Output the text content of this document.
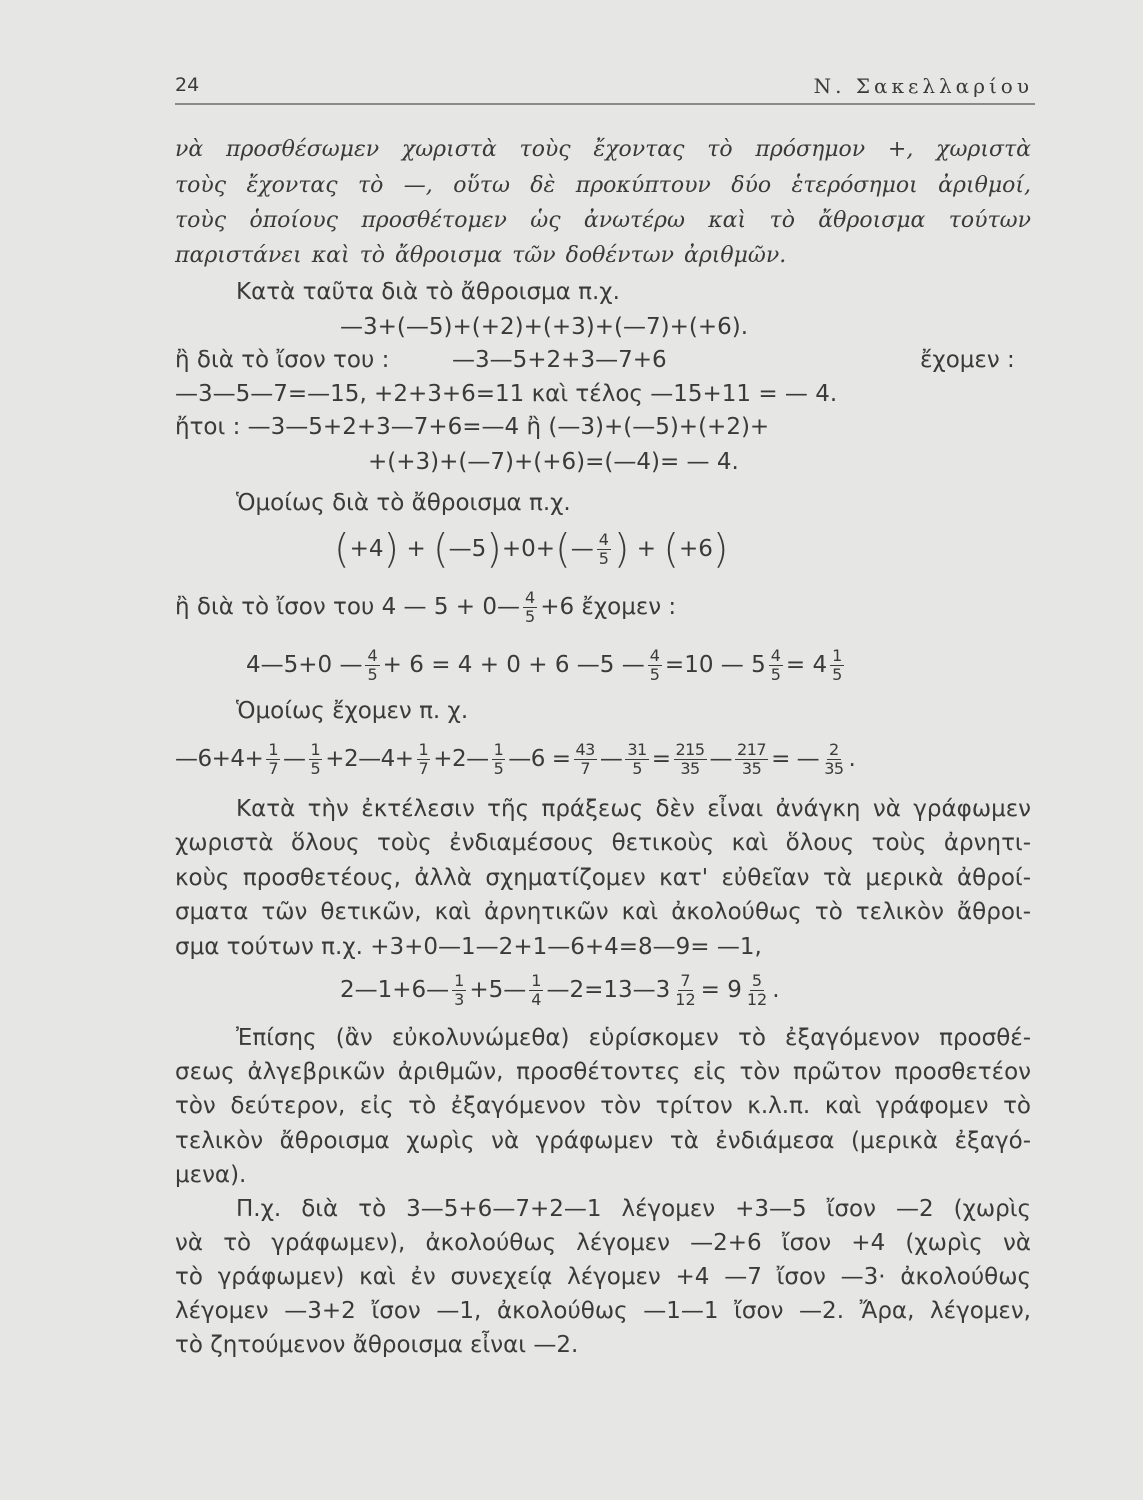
24	Ν. Σακελλαρίου
νὰ προσθέσωμεν χωριστὰ τοὺς ἔχοντας τὸ πρόσημον +, χωριστὰ
τοὺς ἔχοντας τὸ —, οὕτω δὲ προκύπτουν δύο ἑτερόσημοι ἀριθμοί,
τοὺς ὁποίους προσθέτομεν ὡς ἀνωτέρω καὶ τὸ ἄθροισμα τούτων
παριστάνει καὶ τὸ ἄθροισμα τῶν δοθέντων ἀριθμῶν.
Κατὰ ταῦτα διὰ τὸ ἄθροισμα π.χ.
—3+(—5)+(+2)+(+3)+(—7)+(+6).
ἢ διὰ τὸ ἴσον του :	—3—5+2+3—7+6	ἔχομεν :
—3—5—7=—15, +2+3+6=11 καὶ τέλος —15+11 = — 4.
ἤτοι : —3—5+2+3—7+6=—4 ἢ (—3)+(—5)+(+2)+
+(+3)+(—7)+(+6)=(—4)= — 4.
Ὁμοίως διὰ τὸ ἄθροισμα π.χ.
(+4) + (—5)+0+(— $\frac{4}{5}$ ) + (+6)
ἢ διὰ τὸ ἴσον του 4 — 5 + 0— $\frac{4}{5} +6$ ἔχομεν :
4—5+0 — $\frac{4}{5} + 6 = 4 + 0 + 6$ —5 — $\frac{4}{5} =10$ — $5 \frac{4}{5} = 4 \frac{1}{5}$
Ὁμοίως ἔχομεν π. χ.
—6+4+ $\frac{1}{7}$ — $\frac{1}{5}$ +2—4+ $\frac{1}{7}$ +2— $\frac{1}{5}$ —6 = $\frac{43}{7}$ — $\frac{31}{5} = \frac{215}{35}$ — $\frac{217}{35}$ = — $\frac{2}{35}$ .
Κατὰ τὴν ἐκτέλεσιν τῆς πράξεως δὲν εἶναι ἀνάγκη νὰ γράφωμεν
χωριστὰ ὅλους τοὺς ἐνδιαμέσους θετικοὺς καὶ ὅλους τοὺς ἀρνητι-
κοὺς προσθετέους, ἀλλὰ σχηματίζομεν κατ' εὐθεῖαν τὰ μερικὰ ἀθροί-
σματα τῶν θετικῶν, καὶ ἀρνητικῶν καὶ ἀκολούθως τὸ τελικὸν ἄθροι-
σμα τούτων π.χ. +3+0—1—2+1—6+4=8—9= —1,
2—1+6— $\frac{1}{3}$ +5— $\frac{1}{4}$ —2=13—3 $\frac{7}{12} = 9 \frac{5}{12}$ .
Ἐπίσης (ἂν εὐκολυνώμεθα) εὑρίσκομεν τὸ ἐξαγόμενον προσθέ-
σεως ἀλγεβρικῶν ἀριθμῶν, προσθέτοντες εἰς τὸν πρῶτον προσθετέον
τὸν δεύτερον, εἰς τὸ ἐξαγόμενον τὸν τρίτον κ.λ.π. καὶ γράφομεν τὸ
τελικὸν ἄθροισμα χωρὶς νὰ γράφωμεν τὰ ἐνδιάμεσα (μερικὰ ἐξαγό-
μενα).
Π.χ. διὰ τὸ 3—5+6—7+2—1 λέγομεν +3—5 ἴσον —2 (χωρὶς
νὰ τὸ γράφωμεν), ἀκολούθως λέγομεν —2+6 ἴσον +4 (χωρὶς νὰ
τὸ γράφωμεν) καὶ ἐν συνεχείᾳ λέγομεν +4 —7 ἴσον —3· ἀκολούθως
λέγομεν —3+2 ἴσον —1, ἀκολούθως —1—1 ἴσον —2. Ἄρα, λέγομεν,
τὸ ζητούμενον ἄθροισμα εἶναι —2.
